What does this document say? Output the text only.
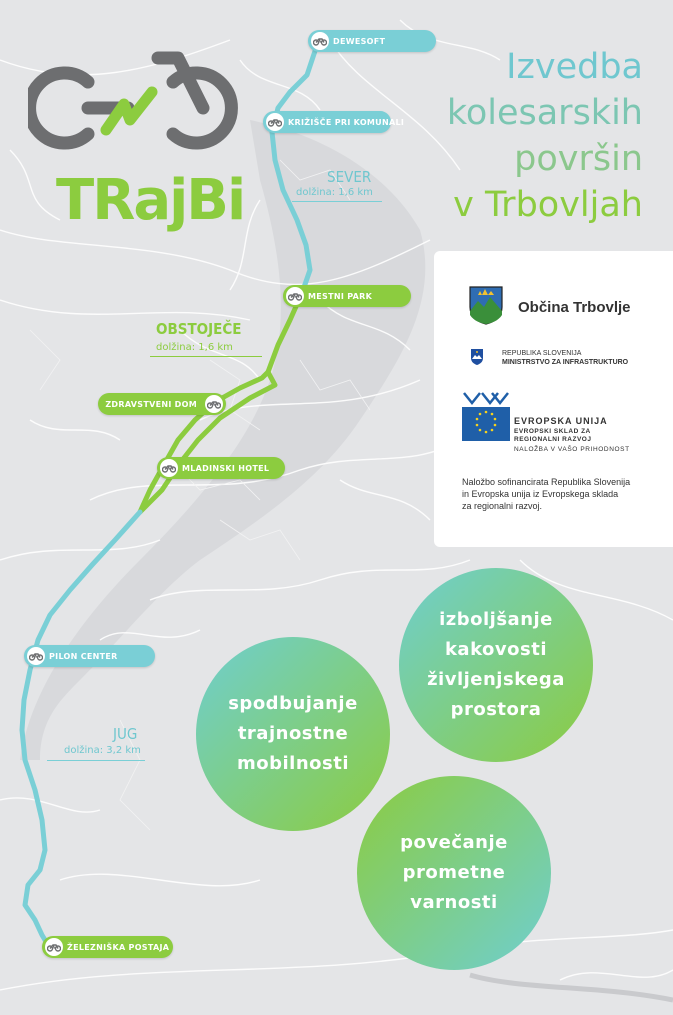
TRajBi
Izvedba
kolesarskih
površin
v Trbovljah
SEVER
dolžina: 1,6 km
OBSTOJEČE
dolžina: 1,6 km
JUG
dolžina: 3,2 km
DEWESOFT
KRIŽIŠČE PRI KOMUNALI
MESTNI PARK
ZDRAVSTVENI DOM
MLADINSKI HOTEL
PILON CENTER
ŽELEZNIŠKA POSTAJA
Občina Trbovlje
REPUBLIKA SLOVENIJA
MINISTRSTVO ZA INFRASTRUKTURO
EVROPSKA UNIJA
EVROPSKI SKLAD ZA
REGIONALNI RAZVOJ
NALOŽBA V VAŠO PRIHODNOST
Naložbo sofinancirata Republika Slovenija
in Evropska unija iz Evropskega sklada
za regionalni razvoj.
spodbujanje
trajnostne
mobilnosti
izboljšanje
kakovosti
življenjskega
prostora
povečanje
prometne
varnosti
